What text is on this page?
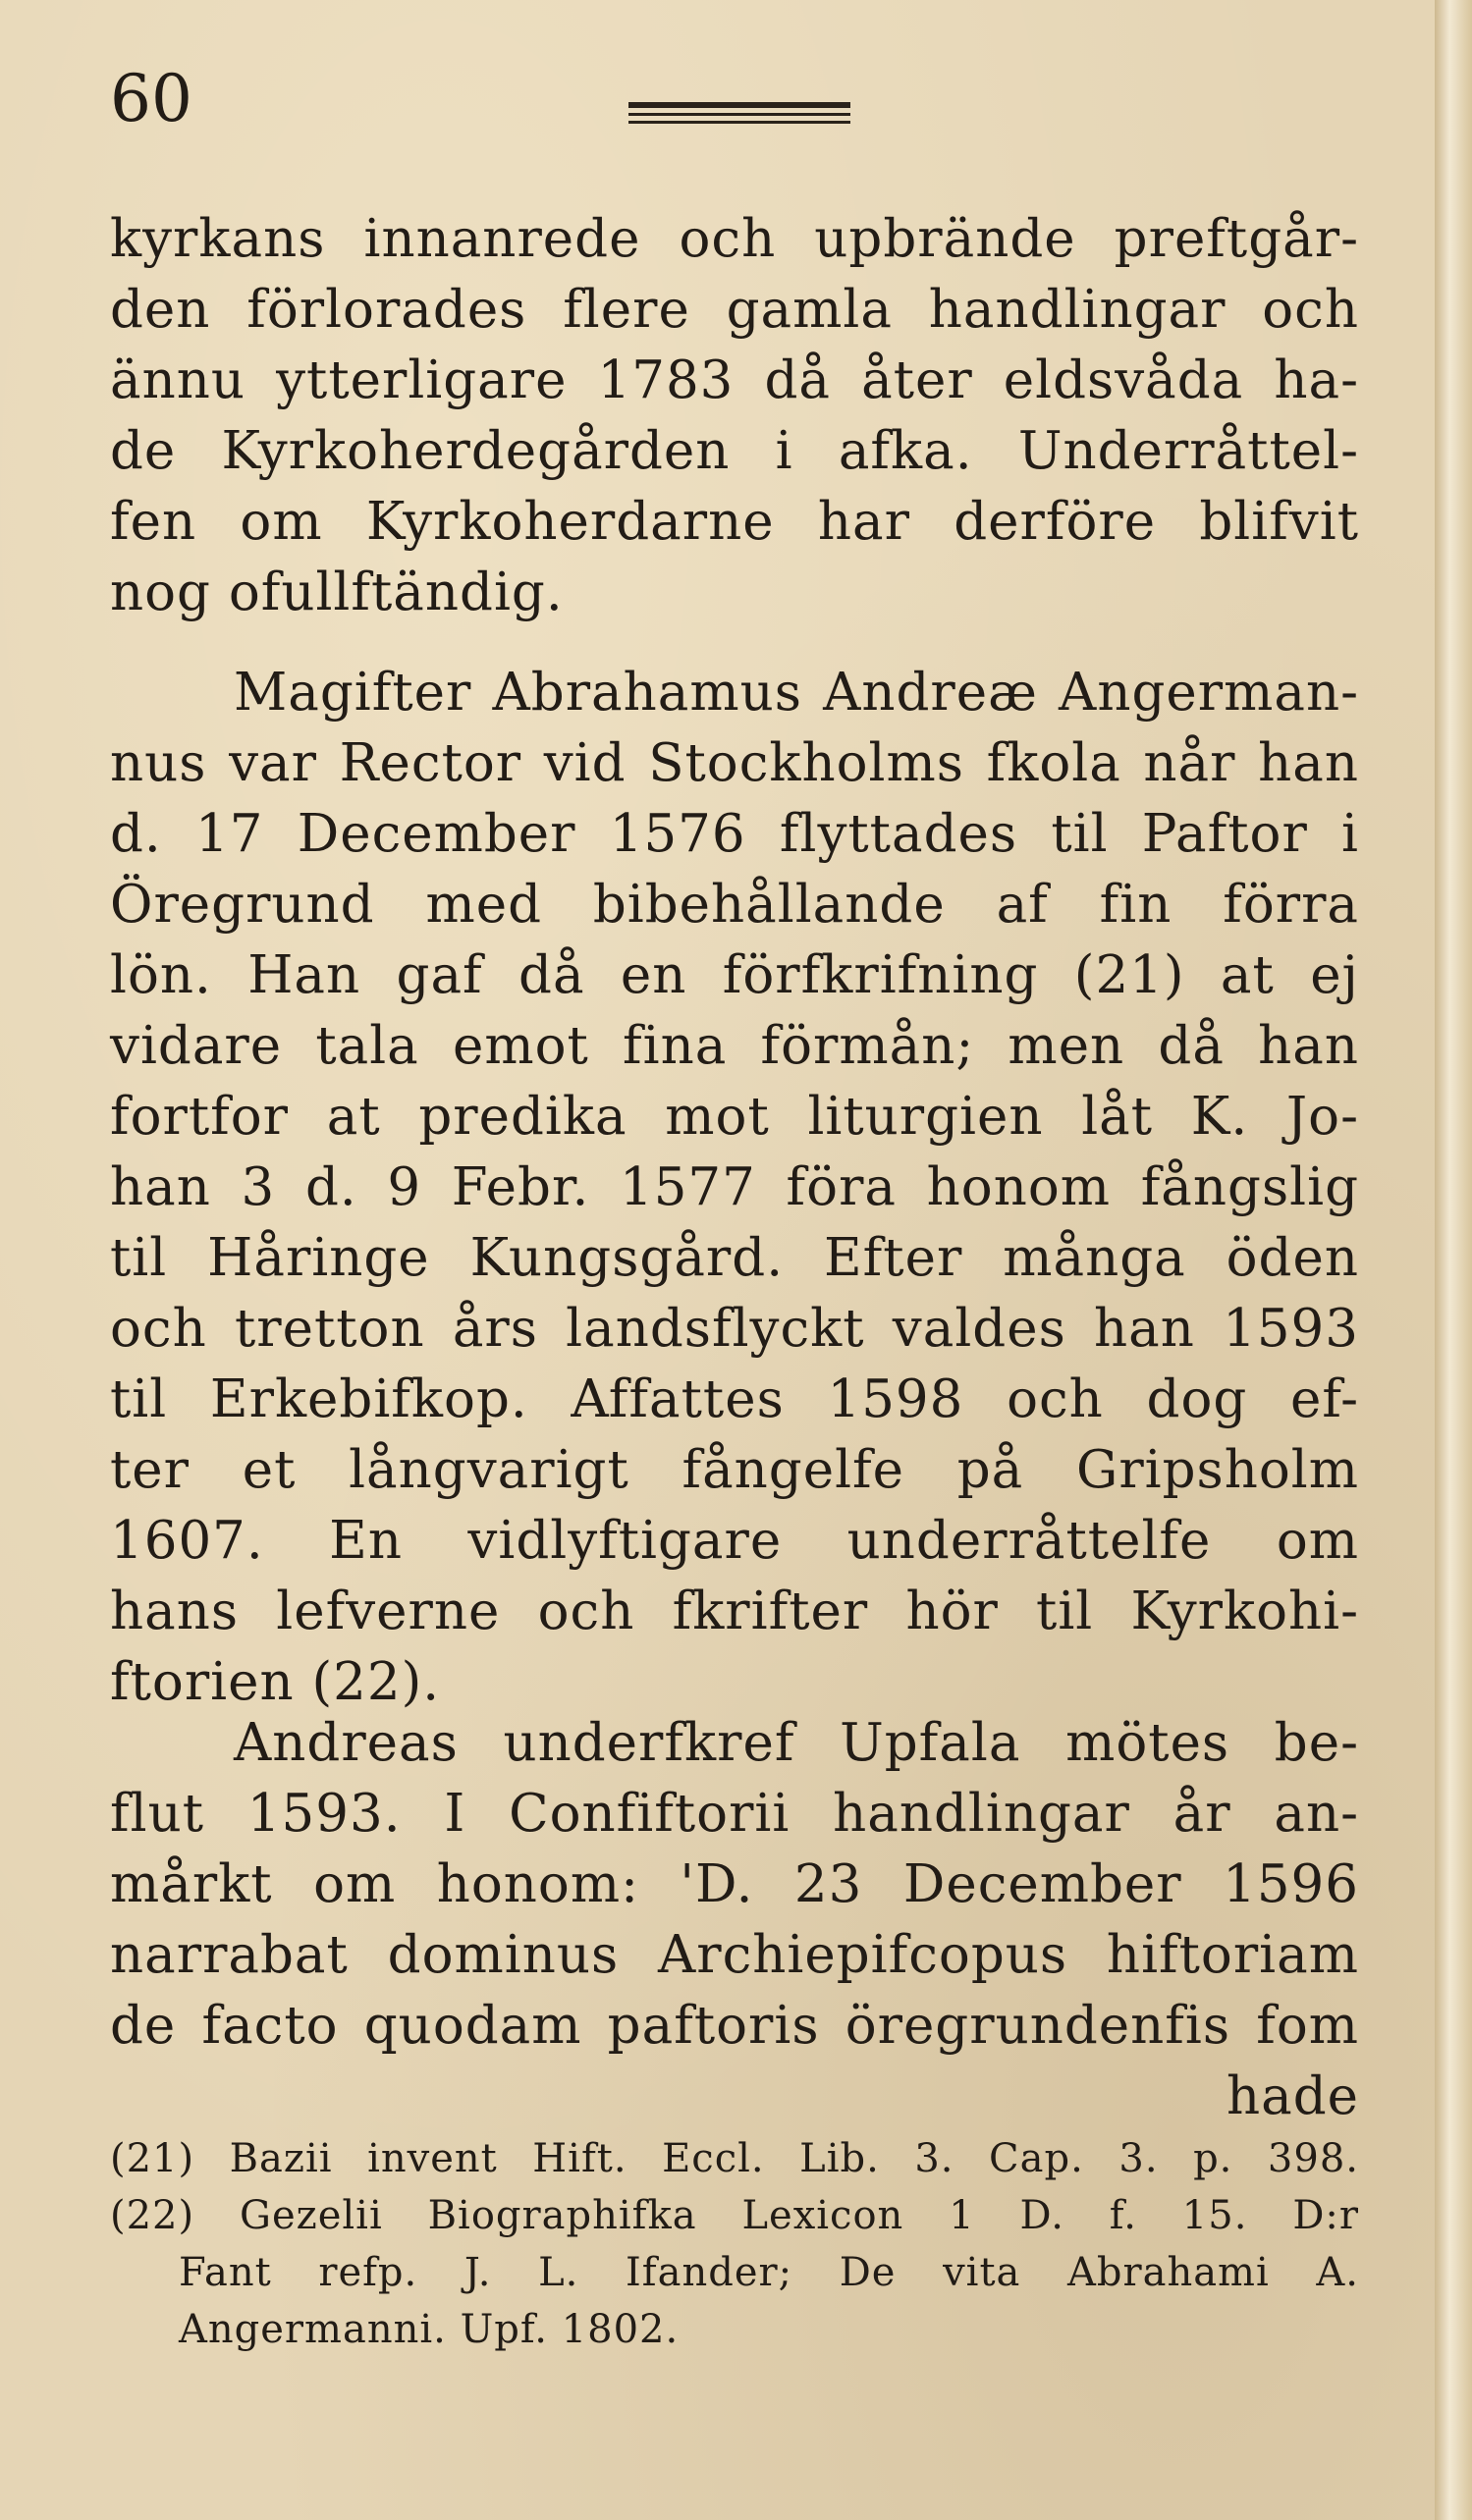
60
kyrkans innanrede och upbrände preftgår-
den förlorades flere gamla handlingar och
ännu ytterligare 1783 då åter eldsvåda ha-
de Kyrkoherdegården i afka. Underråttel-
fen om Kyrkoherdarne har derföre blifvit
nog ofullftändig.
Magifter Abrahamus Andreæ Angerman-
nus var Rector vid Stockholms fkola når han
d. 17 December 1576 flyttades til Paftor i
Öregrund med bibehållande af fin förra
lön. Han gaf då en förfkrifning (21) at ej
vidare tala emot fina förmån; men då han
fortfor at predika mot liturgien låt K. Jo-
han 3 d. 9 Febr. 1577 föra honom fångslig
til Håringe Kungsgård. Efter många öden
och tretton års landsflyckt valdes han 1593
til Erkebifkop. Affattes 1598 och dog ef-
ter et långvarigt fångelfe på Gripsholm
1607. En vidlyftigare underråttelfe om
hans lefverne och fkrifter hör til Kyrkohi-
ftorien (22).
Andreas underfkref Upfala mötes be-
flut 1593. I Confiftorii handlingar år an-
mårkt om honom: 'D. 23 December 1596
narrabat dominus Archiepifcopus hiftoriam
de facto quodam paftoris öregrundenfis fom
hade
(21) Bazii invent Hift. Eccl. Lib. 3. Cap. 3. p. 398.
(22) Gezelii Biographifka Lexicon 1 D. f. 15. D:r
Fant refp. J. L. Ifander; De vita Abrahami A.
Angermanni. Upf. 1802.
